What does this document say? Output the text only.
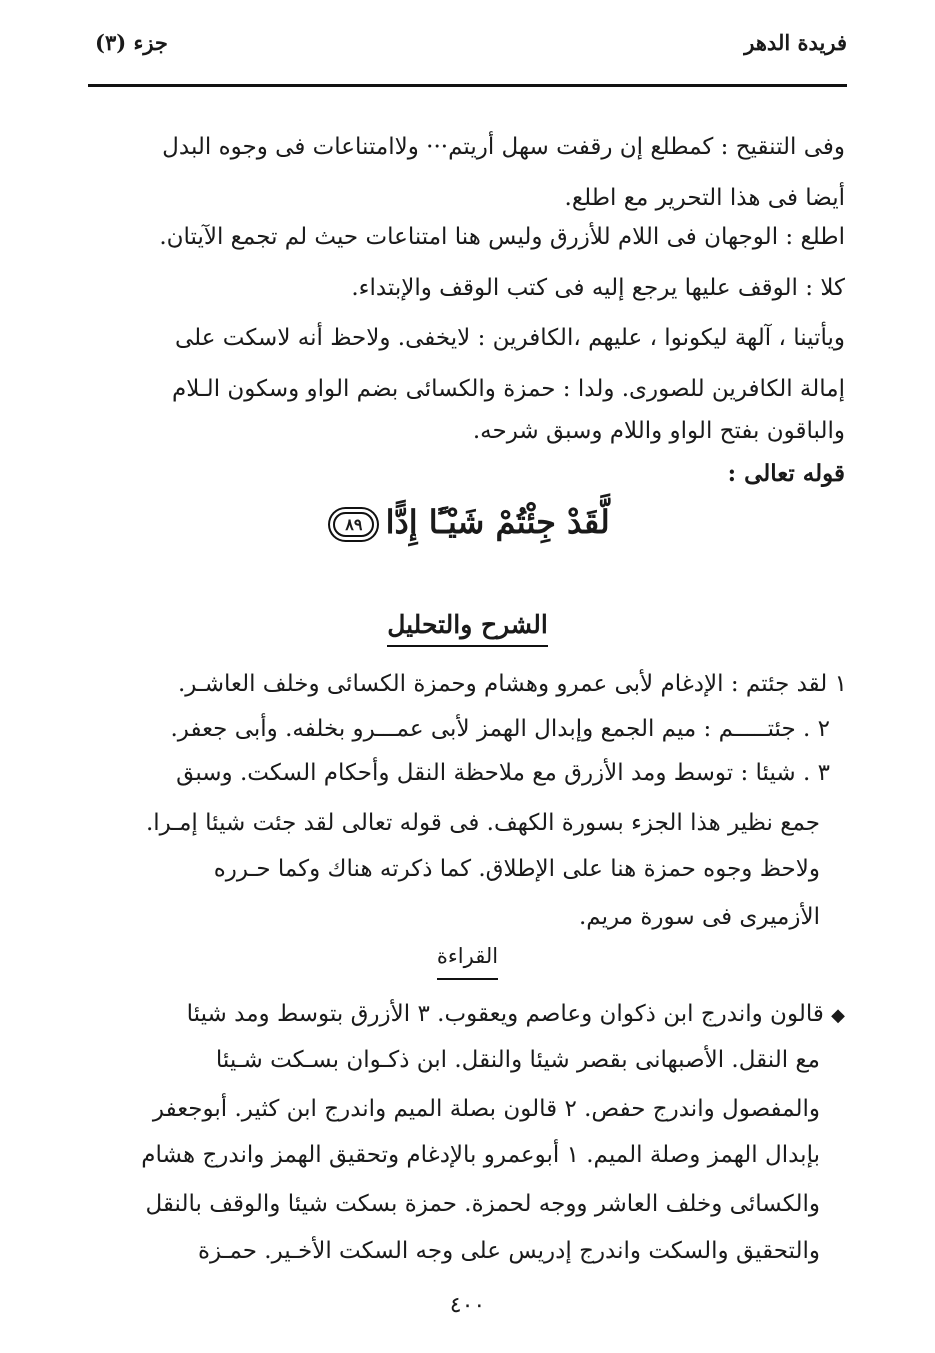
فريدة الدهر
جزء (٣)
وفى التنقيح : كمطلع إن رقفت سهل أريتم··· ولاامتناعات فى وجوه البدل
أيضا فى هذا التحرير مع اطلع.
اطلع : الوجهان فى اللام للأزرق وليس هنا امتناعات حيث لم تجمع الآيتان.
كلا : الوقف عليها يرجع إليه فى كتب الوقف والإبتداء.
ويأتينا ، آلهة ليكونوا ، عليهم ،الكافرين : لايخفى. ولاحظ أنه لاسكت على
إمالة الكافرين للصورى. ولدا : حمزة والكسائى بضم الواو وسكون الـلام
والباقون بفتح الواو واللام وسبق شرحه.
قوله تعالى :
لَّقَدْ جِئْتُمْ شَيْـًٔا إِدًّا ٨٩
الشرح والتحليل
١ لقد جئتم : الإدغام لأبى عمرو وهشام وحمزة الكسائى وخلف العاشـر.
٢ . جئتـــــم : ميم الجمع وإبدال الهمز لأبى عمـــرو بخلفه. وأبى جعفر.
٣ . شيئا : توسط ومد الأزرق مع ملاحظة النقل وأحكام السكت. وسبق
جمع نظير هذا الجزء بسورة الكهف. فى قوله تعالى لقد جئت شيئا إمـرا.
ولاحظ وجوه حمزة هنا على الإطلاق. كما ذكرته هناك وكما حـرره
الأزميرى فى سورة مريم.
القراءة
◆ قالون واندرج ابن ذكوان وعاصم ويعقوب. ٣ الأزرق بتوسط ومد شيئا
مع النقل. الأصبهانى بقصر شيئا والنقل. ابن ذكـوان بسـكت شـيئا
والمفصول واندرج حفص. ٢ قالون بصلة الميم واندرج ابن كثير. أبوجعفر
بإبدال الهمز وصلة الميم. ١ أبوعمرو بالإدغام وتحقيق الهمز واندرج هشام
والكسائى وخلف العاشر ووجه لحمزة. حمزة بسكت شيئا والوقف بالنقل
والتحقيق والسكت واندرج إدريس على وجه السكت الأخـير. حمـزة
٤٠٠
